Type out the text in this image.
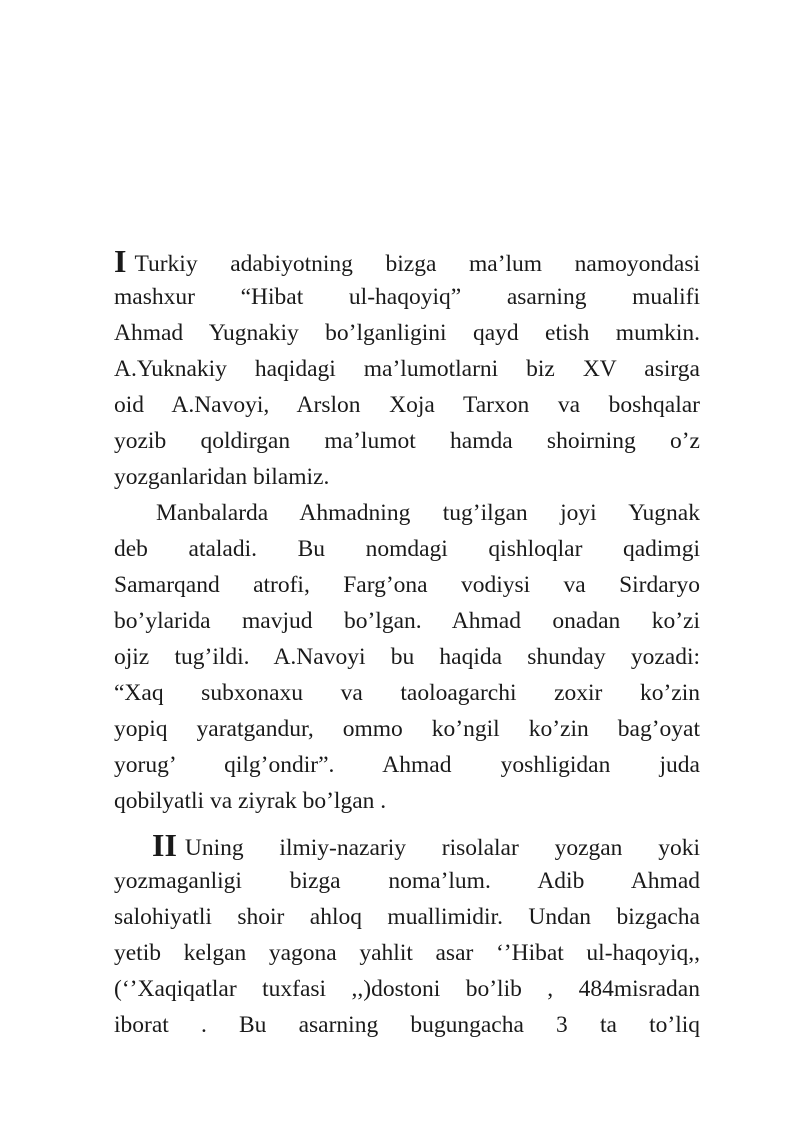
I Turkiy adabiyotning bizga ma’lum namoyondasi
mashxur “Hibat ul-haqoyiq” asarning mualifi
Ahmad Yugnakiy bo’lganligini qayd etish mumkin.
A.Yuknakiy haqidagi ma’lumotlarni biz XV asirga
oid A.Navoyi, Arslon Xoja Tarxon va boshqalar
yozib qoldirgan ma’lumot hamda shoirning o’z
yozganlaridan bilamiz.
Manbalarda Ahmadning tug’ilgan joyi Yugnak
deb ataladi. Bu nomdagi qishloqlar qadimgi
Samarqand atrofi, Farg’ona vodiysi va Sirdaryo
bo’ylarida mavjud bo’lgan. Ahmad onadan ko’zi
ojiz tug’ildi. A.Navoyi bu haqida shunday yozadi:
“Xaq subxonaxu va taoloagarchi zoxir ko’zin
yopiq yaratgandur, ommo ko’ngil ko’zin bag’oyat
yorug’ qilg’ondir”. Ahmad yoshligidan juda
qobilyatli va ziyrak bo’lgan .
II Uning ilmiy-nazariy risolalar yozgan yoki
yozmaganligi bizga noma’lum. Adib Ahmad
salohiyatli shoir ahloq muallimidir. Undan bizgacha
yetib kelgan yagona yahlit asar ‘’Hibat ul-haqoyiq,,
(‘’Xaqiqatlar tuxfasi ,,)dostoni bo’lib , 484misradan
iborat . Bu asarning bugungacha 3 ta to’liq
